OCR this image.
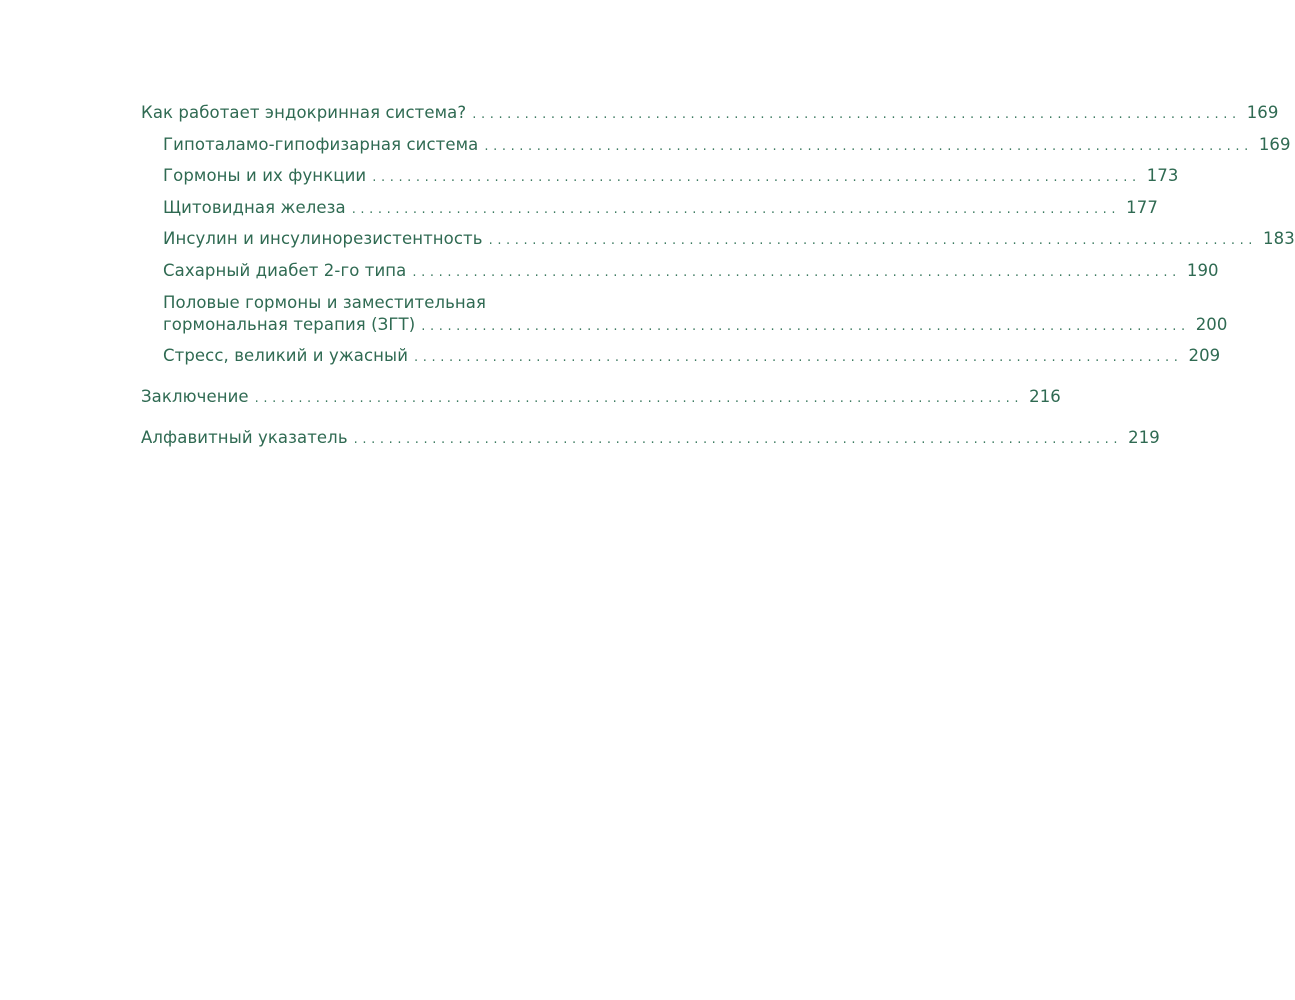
Как работает эндокринная система? ........................................................................................ 169
Гипоталамо-гипофизарная система ........................................................................................ 169
Гормоны и их функции ........................................................................................ 173
Щитовидная железа ........................................................................................ 177
Инсулин и инсулинорезистентность ........................................................................................ 183
Сахарный диабет 2-го типа ........................................................................................ 190
Половые гормоны и заместительная
гормональная терапия (ЗГТ) ........................................................................................ 200
Стресс, великий и ужасный ........................................................................................ 209
Заключение ........................................................................................ 216
Алфавитный указатель ........................................................................................ 219
